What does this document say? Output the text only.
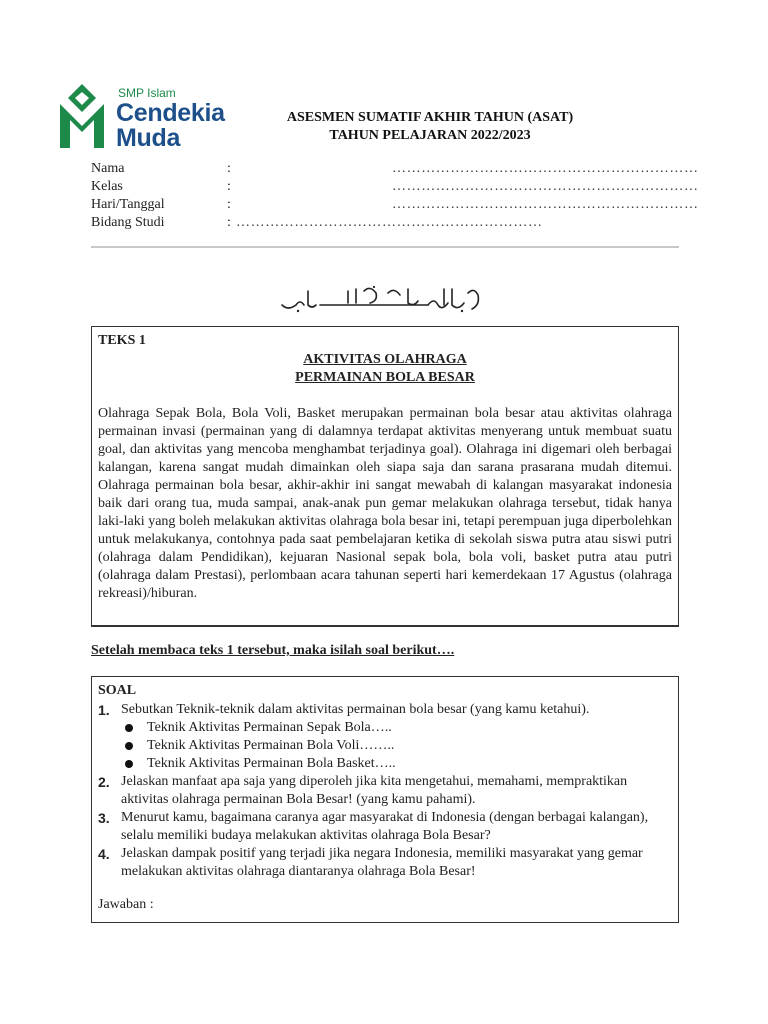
SMP Islam
Cendekia
Muda
ASESMEN SUMATIF AKHIR TAHUN (ASAT)
TAHUN PELAJARAN 2022/2023
Nama	:	………………………………………………………
Kelas	:	………………………………………………………
Hari/Tanggal	:	………………………………………………………
Bidang Studi	: ………………………………………………………
TEKS 1
AKTIVITAS OLAHRAGA
PERMAINAN BOLA BESAR
Olahraga Sepak Bola, Bola Voli, Basket merupakan permainan bola besar atau aktivitas olahraga permainan invasi (permainan yang di dalamnya terdapat aktivitas menyerang untuk membuat suatu goal, dan aktivitas yang mencoba menghambat terjadinya goal). Olahraga ini digemari oleh berbagai kalangan, karena sangat mudah dimainkan oleh siapa saja dan sarana prasarana mudah ditemui. Olahraga permainan bola besar, akhir-akhir ini sangat mewabah di kalangan masyarakat indonesia baik dari orang tua, muda sampai, anak-anak pun gemar melakukan olahraga tersebut, tidak hanya laki-laki yang boleh melakukan aktivitas olahraga bola besar ini, tetapi perempuan juga diperbolehkan untuk melakukanya, contohnya pada saat pembelajaran ketika di sekolah siswa putra atau siswi putri (olahraga dalam Pendidikan), kejuaran Nasional sepak bola, bola voli, basket putra atau putri (olahraga dalam Prestasi), perlombaan acara tahunan seperti hari kemerdekaan 17 Agustus (olahraga rekreasi)/hiburan.
Setelah membaca teks 1 tersebut, maka isilah soal berikut….
SOAL
1. Sebutkan Teknik-teknik dalam aktivitas permainan bola besar (yang kamu ketahui).
Teknik Aktivitas Permainan Sepak Bola…..
Teknik Aktivitas Permainan Bola Voli……..
Teknik Aktivitas Permainan Bola Basket…..
2. Jelaskan manfaat apa saja yang diperoleh jika kita mengetahui, memahami, mempraktikan aktivitas olahraga permainan Bola Besar! (yang kamu pahami).
3. Menurut kamu, bagaimana caranya agar masyarakat di Indonesia (dengan berbagai kalangan), selalu memiliki budaya melakukan aktivitas olahraga Bola Besar?
4. Jelaskan dampak positif yang terjadi jika negara Indonesia, memiliki masyarakat yang gemar melakukan aktivitas olahraga diantaranya olahraga Bola Besar!
Jawaban :
